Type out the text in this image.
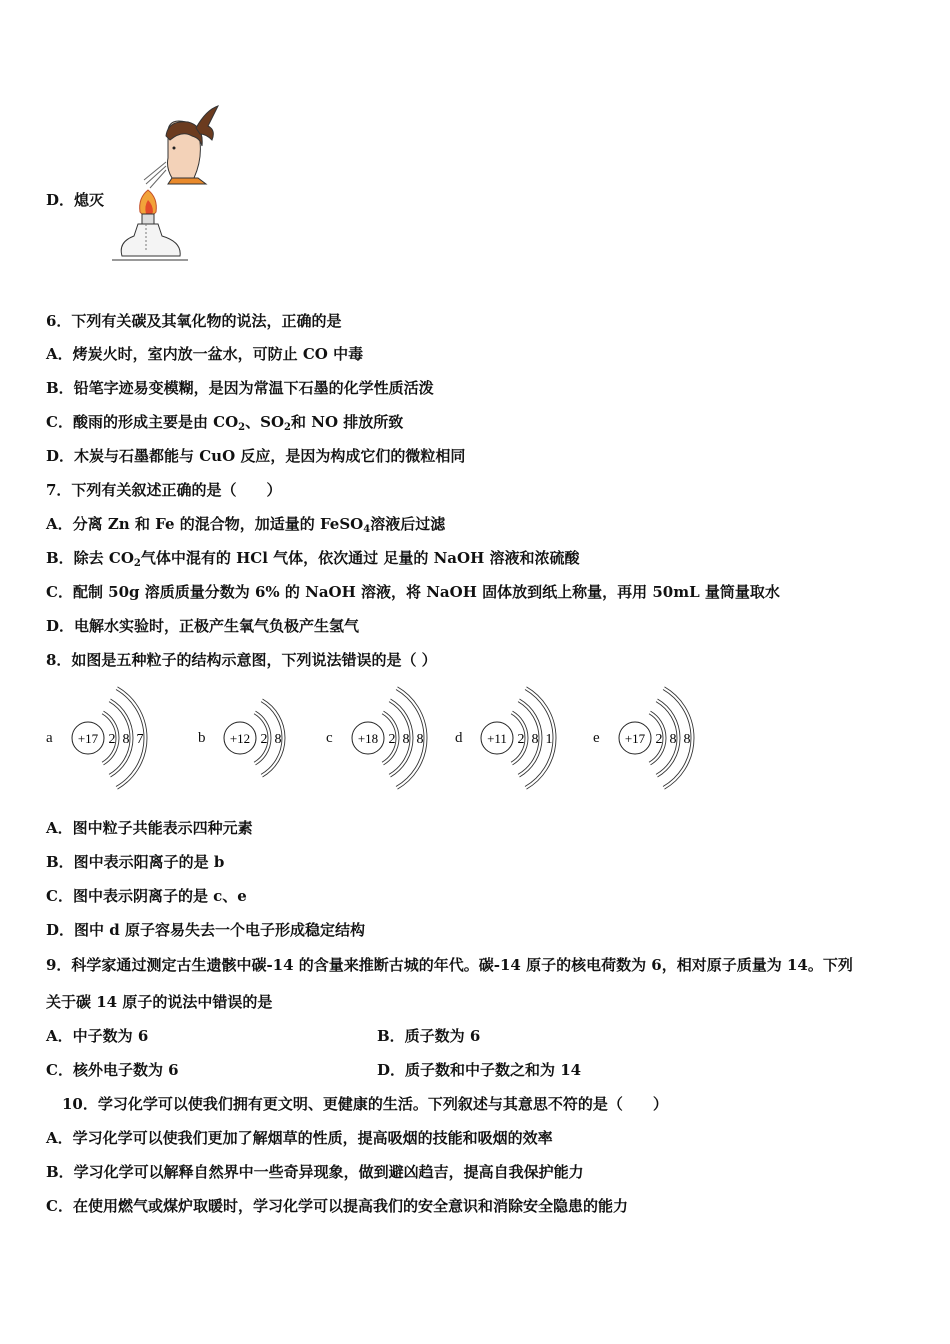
D．熄灭
6．下列有关碳及其氧化物的说法，正确的是
A．烤炭火时，室内放一盆水，可防止 CO 中毒
B．铅笔字迹易变模糊，是因为常温下石墨的化学性质活泼
C．酸雨的形成主要是由 $CO_2$、$SO_2$和 NO 排放所致
D．木炭与石墨都能与 CuO 反应，是因为构成它们的微粒相同
7．下列有关叙述正确的是（　　）
A．分离 Zn 和 Fe 的混合物，加适量的 FeSO$_4$溶液后过滤
B．除去 $CO_2$气体中混有的 HCl 气体，依次通过 足量的 NaOH 溶液和浓硫酸
C．配制 50g 溶质质量分数为 6% 的 NaOH 溶液，将 NaOH 固体放到纸上称量，再用 50mL 量筒量取水
D．电解水实验时，正极产生氧气负极产生氢气
8．如图是五种粒子的结构示意图，下列说法错误的是（ ）
a +17 2 8 7	b +12 2 8	c +18 2 8 8 d +11 2 8 1	e +17 2 8 8
A．图中粒子共能表示四种元素
B．图中表示阳离子的是 b
C．图中表示阴离子的是 c、e
D．图中 d 原子容易失去一个电子形成稳定结构
9．科学家通过测定古生遗骸中碳-14 的含量来推断古城的年代。碳-14 原子的核电荷数为 6，相对原子质量为 14。下列
关于碳 14 原子的说法中错误的是
A．中子数为 6	B．质子数为 6
C．核外电子数为 6	D．质子数和中子数之和为 14
10．学习化学可以使我们拥有更文明、更健康的生活。下列叙述与其意思不符的是（　　）
A．学习化学可以使我们更加了解烟草的性质，提高吸烟的技能和吸烟的效率
B．学习化学可以解释自然界中一些奇异现象，做到避凶趋吉，提高自我保护能力
C．在使用燃气或煤炉取暖时，学习化学可以提高我们的安全意识和消除安全隐患的能力
